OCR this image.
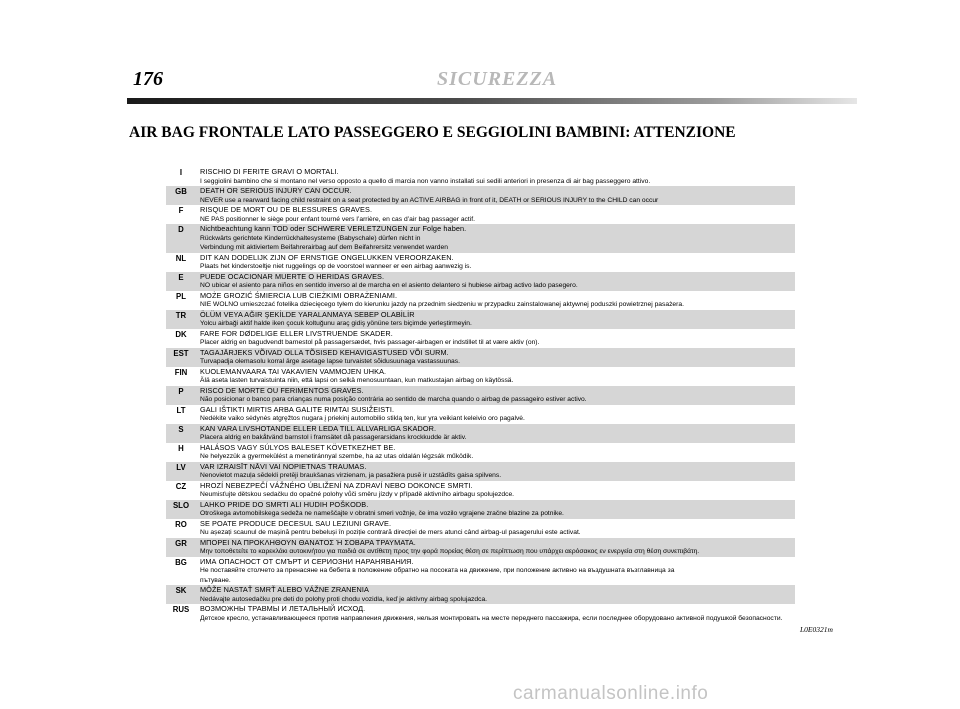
176	SICUREZZA
AIR BAG FRONTALE LATO PASSEGGERO E SEGGIOLINI BAMBINI: ATTENZIONE
I	RISCHIO DI FERITE GRAVI O MORTALI.
I seggiolini bambino che si montano nel verso opposto a quello di marcia non vanno installati sui sedili anteriori in presenza di air bag passeggero attivo.
GB	DEATH OR SERIOUS INJURY CAN OCCUR.
NEVER use a rearward facing child restraint on a seat protected by an ACTIVE AIRBAG in front of it, DEATH or SERIOUS INJURY to the CHILD can occur
F	RISQUE DE MORT OU DE BLESSURES GRAVES.
NE PAS positionner le siège pour enfant tourné vers l’arrière, en cas d’air bag passager actif.
D	Nichtbeachtung kann TOD oder SCHWERE VERLETZUNGEN zur Folge haben.
Rückwärts gerichtete Kinderrückhaltesysteme (Babyschale) dürfen nicht in
Verbindung mit aktiviertem Beifahrerairbag auf dem Beifahrersitz verwendet warden
NL	DIT KAN DODELIJK ZIJN OF ERNSTIGE ONGELUKKEN VEROORZAKEN.
Plaats het kinderstoeltje niet ruggelings op de voorstoel wanneer er een airbag aanwezig is.
E	PUEDE OCACIONAR MUERTE O HERIDAS GRAVES.
NO ubicar el asiento para niños en sentido inverso al de marcha en el asiento delantero si hubiese airbag activo lado pasegero.
PL	MOŻE GROZIĆ ŚMIERCIA LUB CIEŻKIMI OBRAŻENIAMI.
NIE WOLNO umieszczać fotelika dziecięcego tyłem do kierunku jazdy na przednim siedzeniu w przypadku zainstalowanej aktywnej poduszki powietrznej pasażera.
TR	ÖLÜM VEYA AĞIR ŞEKİLDE YARALANMAYA SEBEP OLABİLİR
Yolcu airbaği aktif halde iken çocuk koltuğunu araç gidiş yönüne ters biçimde yerleştirmeyin.
DK	FARE FOR DØDELIGE ELLER LIVSTRUENDE SKADER.
Placer aldrig en bagudvendt barnestol på passagersædet, hvis passager-airbagen er indstillet til at være aktiv (on).
EST	TAGAJÄRJEKS VÕIVAD OLLA TÕSISED KEHAVIGASTUSED VÕI SURM.
Turvapadja olemasolu korral ärge asetage lapse turvaistet sõidusuunaga vastassuunas.
FIN	KUOLEMANVAARA TAI VAKAVIEN VAMMOJEN UHKA.
Älä aseta lasten turvaistuinta niin, että lapsi on selkä menosuuntaan, kun matkustajan airbag on käytössä.
P	RISCO DE MORTE OU FERIMENTOS GRAVES.
Não posicionar o banco para crianças numa posição contrária ao sentido de marcha quando o airbag de passageiro estiver activo.
LT	GALI IŠTIKTI MIRTIS ARBA GALITE RIMTAI SUSIŽEISTI.
Nedėkite vaiko sėdynės atgręžtos nugara į priekinį automobilio stiklą ten, kur yra veikiant keleivio oro pagalvė.
S	KAN VARA LIVSHOTANDE ELLER LEDA TILL ALLVARLIGA SKADOR.
Placera aldrig en bakåtvänd barnstol i framsätet då passagerarsidans krockkudde är aktiv.
H	HALÁSOS VAGY SÚLYOS BALESET KÖVETKEZHET BE.
Ne helyezzük a gyermekülést a menetiránnyal szembe, ha az utas oldalán légzsák működik.
LV	VAR IZRAISĪT NĀVI VAI NOPIETNAS TRAUMAS.
Nenovietot mazuļa sēdekli pretēji braukšanas virzienam, ja pasažiera pusē ir uzstādīts gaisa spilvens.
CZ	HROZÍ NEBEZPEČÍ VÁŽNÉHO ÚBLIŽENÍ NA ZDRAVÍ NEBO DOKONCE SMRTI.
Neumisťujte dětskou sedačku do opačné polohy vůči směru jízdy v případě aktivního airbagu spolujezdce.
SLO	LAHKO PRIDE DO SMRTI ALI HUDIH POŠKODB.
Otroškega avtomobilskega sedeža ne nameščajte v obratni smeri vožnje, če ima vozilo vgrajene zračne blazine za potnike.
RO	SE POATE PRODUCE DECESUL SAU LEZIUNI GRAVE.
Nu așezați scaunul de mașină pentru bebeluși în poziție contrară direcției de mers atunci când airbag-ul pasagerului este activat.
GR	ΜΠΟΡΕΙ ΝΑ ΠΡΟΚΛΗΘΟΥΝ ΘΑΝΑΤΟΣ Ή ΣΟΒΑΡΑ ΤΡΑΥΜΑΤΑ.
Μην τοποθετείτε το καρεκλάκι αυτοκινήτου για παιδιά σε αντίθετη προς την φορά πορείας θέση σε περίπτωση που υπάρχει αερόσακος εν ενεργεία στη θέση συνεπιβάτη.
BG	ИМА ОПАСНОСТ ОТ СМЪРТ И СЕРИОЗНИ НАРАНЯВАНИЯ.
Не поставяйте столчето за пренасяне на бебета в положение обратно на посоката на движение, при положение активно на въздушната възглавница за
пътуване.
SK	MÔŽE NASTAŤ SMRŤ ALEBO VÁŽNE ZRANENIA
Nedávajte autosedačku pre deti do polohy proti chodu vozidla, keď je aktívny airbag spolujazdca.
RUS	ВОЗМОЖНЫ ТРАВМЫ И ЛЕТАЛЬНЫЙ ИСХОД.
Детское кресло, устанавливающееся против направления движения, нельзя монтировать на месте переднего пассажира, если последнее оборудовано активной подушкой безопасности.
L0E0321m
carmanualsonline.info
